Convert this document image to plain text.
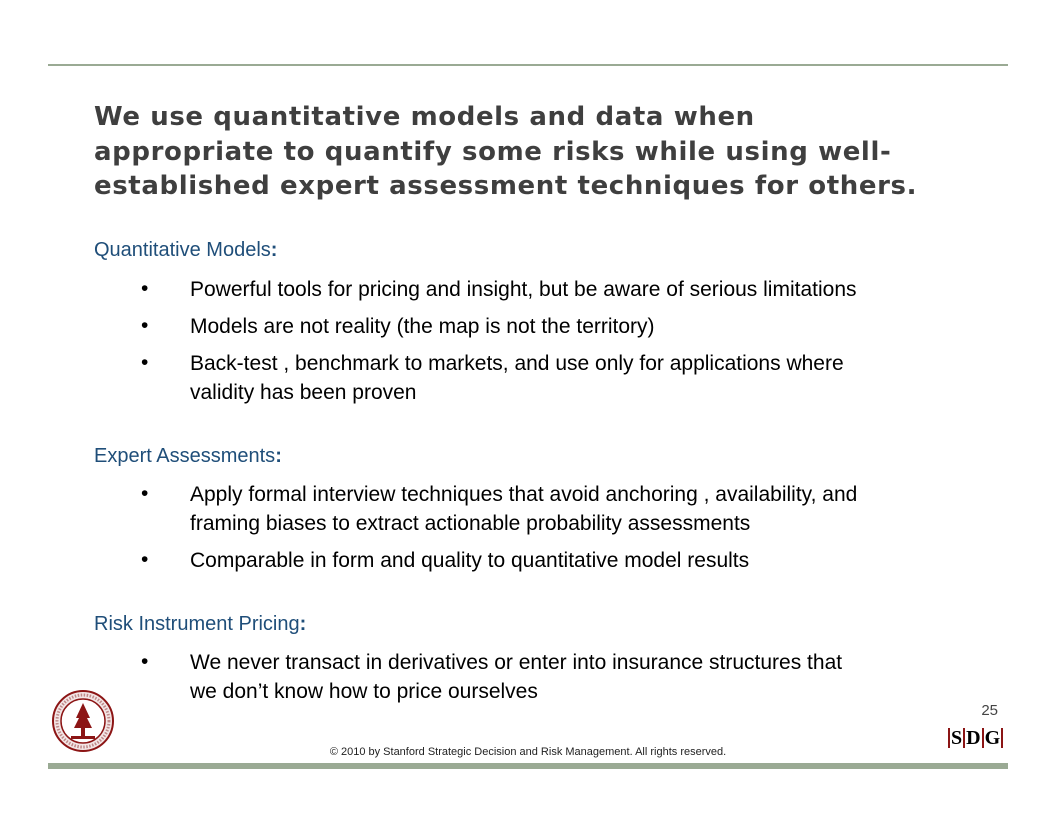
We use quantitative models and data when
appropriate to quantify some risks while using well-
established expert assessment techniques for others.
Quantitative Models:
• Powerful tools for pricing and insight, but be aware of serious limitations
• Models are not reality (the map is not the territory)
• Back-test , benchmark to markets, and use only for applications where
validity has been proven
Expert Assessments:
• Apply formal interview techniques that avoid anchoring , availability, and
framing biases to extract actionable probability assessments
• Comparable in form and quality to quantitative model results
Risk Instrument Pricing:
• We never transact in derivatives or enter into insurance structures that
we don’t know how to price ourselves
25
S D G
© 2010 by Stanford Strategic Decision and Risk Management. All rights reserved.
